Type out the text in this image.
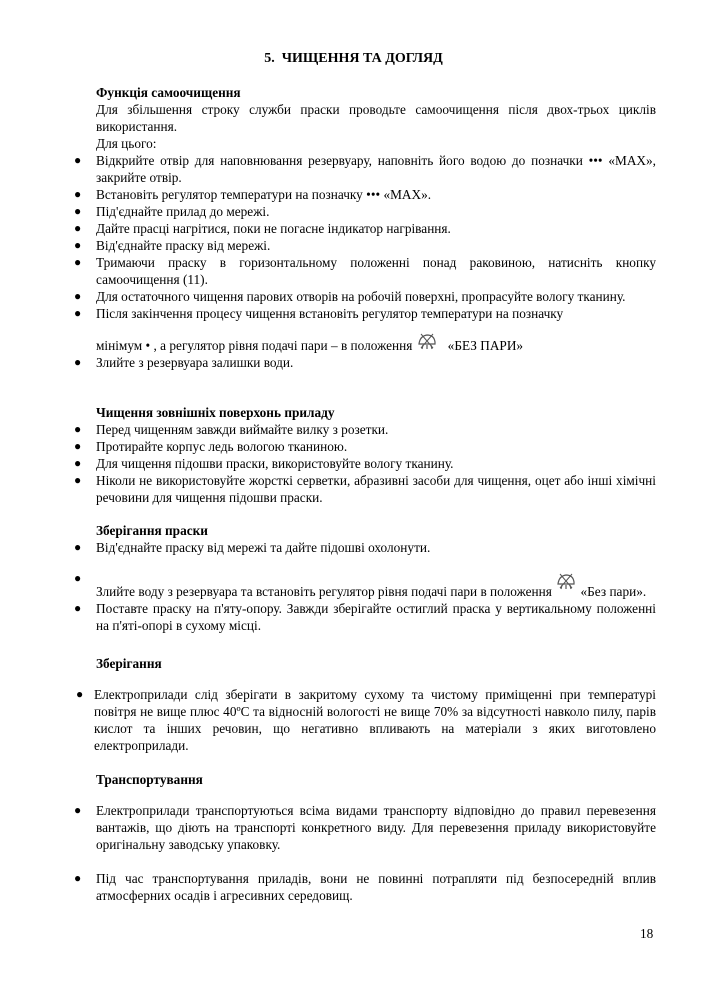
5.  ЧИЩЕННЯ ТА ДОГЛЯД
Функція самоочищення
Для збільшення строку служби праски проводьте самоочищення після двох-трьох циклів використання.
Для цього:
● Відкрийте отвір для наповнювання резервуару, наповніть його водою до позначки ••• «МАХ», закрийте отвір.
● Встановіть регулятор температури на позначку ••• «МАХ».
● Під'єднайте прилад до мережі.
● Дайте прасці нагрітися, поки не погасне індикатор нагрівання.
● Від'єднайте праску від мережі.
● Тримаючи праску в горизонтальному положенні понад раковиною, натисніть кнопку самоочищення (11).
● Для остаточного чищення парових отворів на робочій поверхні, пропрасуйте вологу тканину.
● Після закінчення процесу чищення встановіть регулятор температури на позначку
мінімум • , а регулятор рівня подачі пари – в положення	«БЕЗ ПАРИ»
● Злийте з резервуара залишки води.
Чищення зовнішніх поверхонь приладу
● Перед чищенням завжди виймайте вилку з розетки.
● Протирайте корпус ледь вологою тканиною.
● Для чищення підошви праски, використовуйте вологу тканину.
● Ніколи не використовуйте жорсткі серветки, абразивні засоби для чищення, оцет або інші хімічні речовини для чищення підошви праски.
Зберігання праски
● Від'єднайте праску від мережі та дайте підошві охолонути.
●
Злийте воду з резервуара та встановіть регулятор рівня подачі пари в положення «Без пари».
● Поставте праску на п'яту-опору. Завжди зберігайте остиглий праска у вертикальному положенні на п'яті-опорі в сухому місці.
Зберігання
● Електроприлади слід зберігати в закритому сухому та чистому приміщенні при температурі повітря не вище плюс 40ºС та відносній вологості не вище 70% за відсутності навколо пилу, парів кислот та інших речовин, що негативно впливають на матеріали з яких виготовлено електроприлади.
Транспортування
● Електроприлади транспортуються всіма видами транспорту відповідно до правил перевезення вантажів, що діють на транспорті конкретного виду. Для перевезення приладу використовуйте оригінальну заводську упаковку.
● Під час транспортування приладів, вони не повинні потрапляти під безпосередній вплив атмосферних осадів і агресивних середовищ.
18
